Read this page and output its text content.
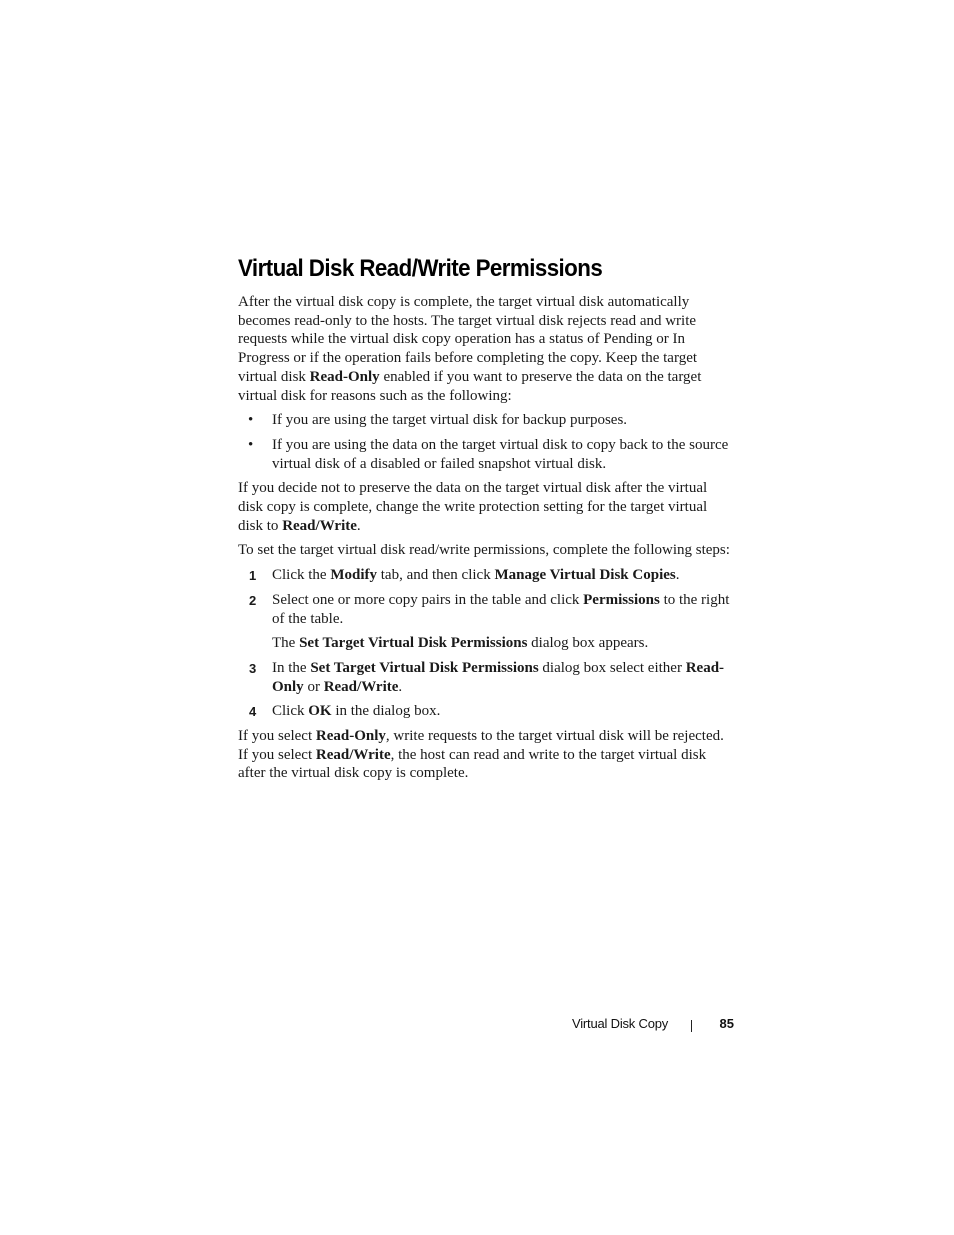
Virtual Disk Read/Write Permissions

After the virtual disk copy is complete, the target virtual disk automatically becomes read-only to the hosts. The target virtual disk rejects read and write requests while the virtual disk copy operation has a status of Pending or In Progress or if the operation fails before completing the copy. Keep the target virtual disk Read-Only enabled if you want to preserve the data on the target virtual disk for reasons such as the following:

• If you are using the target virtual disk for backup purposes.
• If you are using the data on the target virtual disk to copy back to the source virtual disk of a disabled or failed snapshot virtual disk.

If you decide not to preserve the data on the target virtual disk after the virtual disk copy is complete, change the write protection setting for the target virtual disk to Read/Write.

To set the target virtual disk read/write permissions, complete the following steps:

1 Click the Modify tab, and then click Manage Virtual Disk Copies.
2 Select one or more copy pairs in the table and click Permissions to the right of the table.
The Set Target Virtual Disk Permissions dialog box appears.
3 In the Set Target Virtual Disk Permissions dialog box select either Read-Only or Read/Write.
4 Click OK in the dialog box.

If you select Read-Only, write requests to the target virtual disk will be rejected. If you select Read/Write, the host can read and write to the target virtual disk after the virtual disk copy is complete.

Virtual Disk Copy	85
